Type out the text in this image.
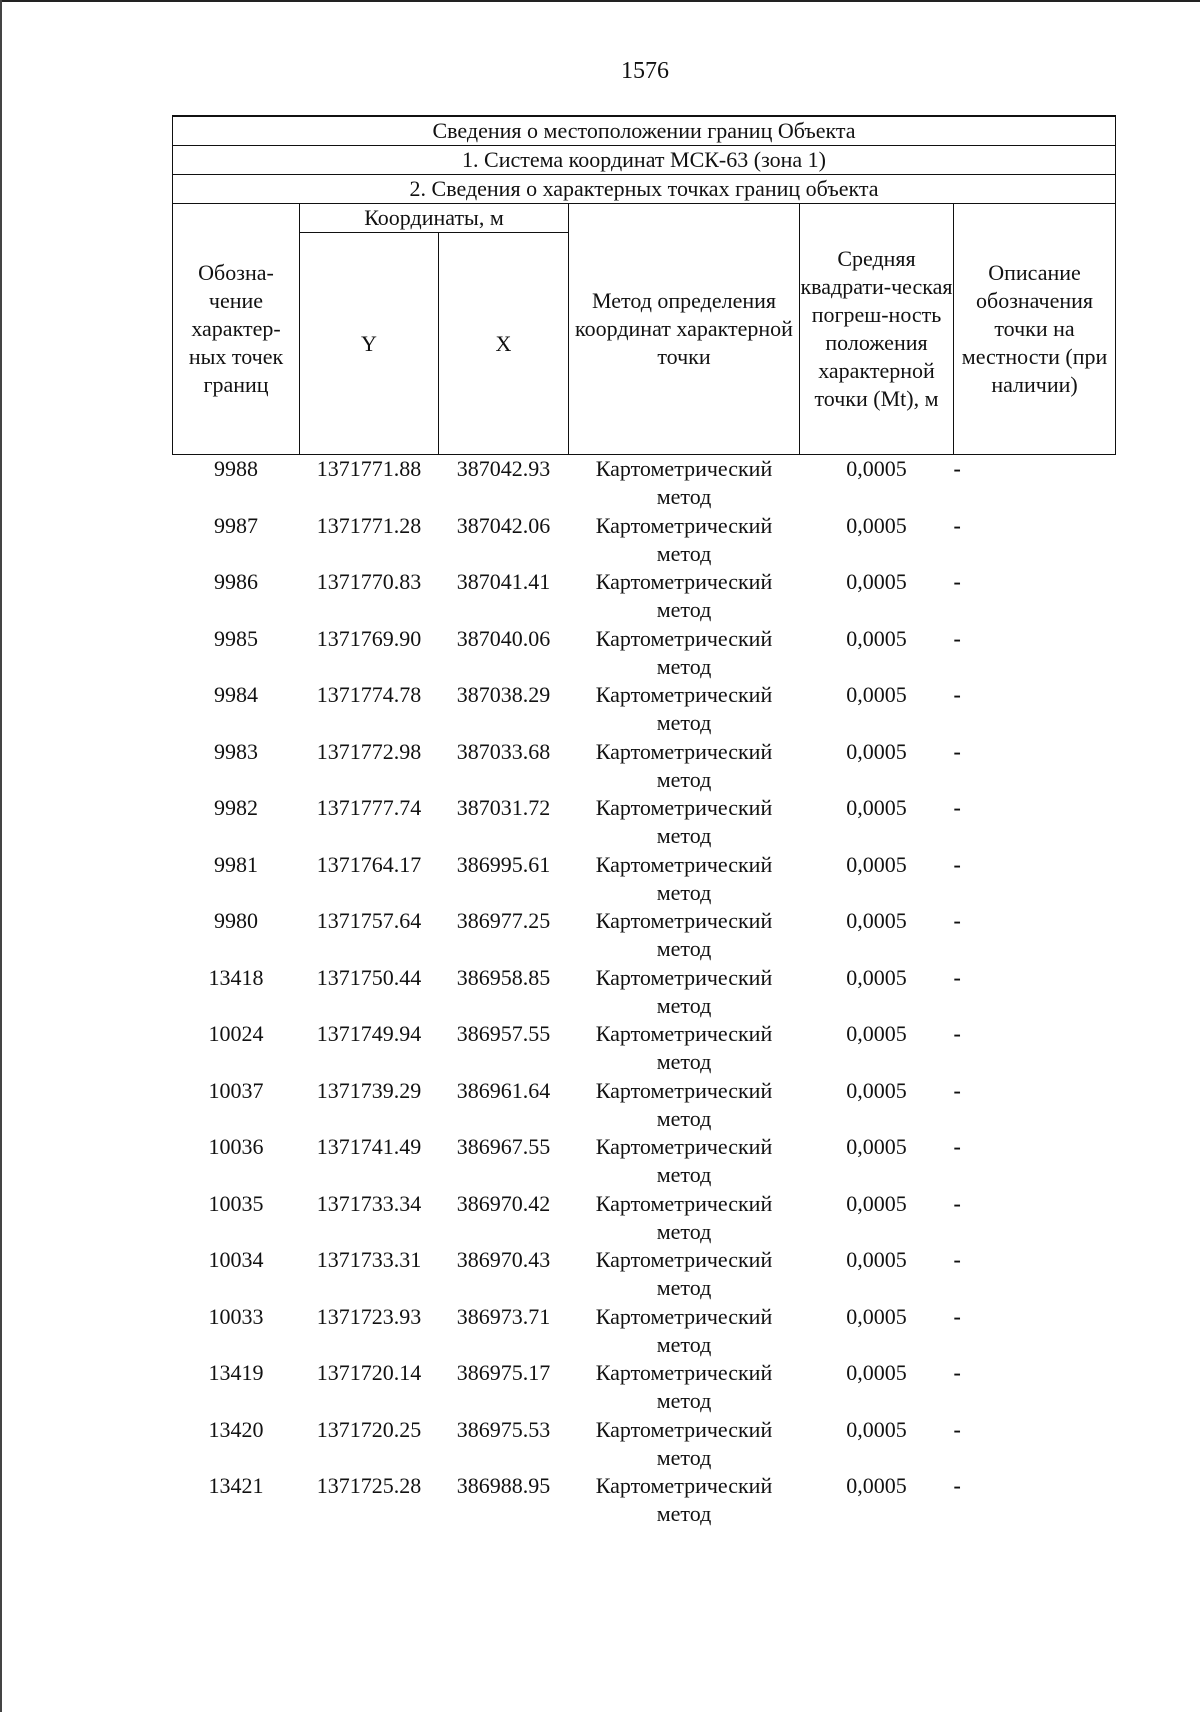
1576
Сведения о местоположении границ Объекта					
1. Система координат МСК-63 (зона 1)					
2. Сведения о характерных точках границ объекта					

Обозна-чение характер-ных точек границ	Координаты, м		Метод определения координат характерной точки	Средняя квадрати-ческая погреш-ность положения характерной точки (Mt), м	Описание обозначения точки на местности (при наличии)

	Y	X			
9988	1371771.88	387042.93	Картометрический метод	0,0005	-
9987	1371771.28	387042.06	Картометрический метод	0,0005	-
9986	1371770.83	387041.41	Картометрический метод	0,0005	-
9985	1371769.90	387040.06	Картометрический метод	0,0005	-
9984	1371774.78	387038.29	Картометрический метод	0,0005	-
9983	1371772.98	387033.68	Картометрический метод	0,0005	-
9982	1371777.74	387031.72	Картометрический метод	0,0005	-
9981	1371764.17	386995.61	Картометрический метод	0,0005	-
9980	1371757.64	386977.25	Картометрический метод	0,0005	-
13418	1371750.44	386958.85	Картометрический метод	0,0005	-
10024	1371749.94	386957.55	Картометрический метод	0,0005	-
10037	1371739.29	386961.64	Картометрический метод	0,0005	-
10036	1371741.49	386967.55	Картометрический метод	0,0005	-
10035	1371733.34	386970.42	Картометрический метод	0,0005	-
10034	1371733.31	386970.43	Картометрический метод	0,0005	-
10033	1371723.93	386973.71	Картометрический метод	0,0005	-
13419	1371720.14	386975.17	Картометрический метод	0,0005	-
13420	1371720.25	386975.53	Картометрический метод	0,0005	-
13421	1371725.28	386988.95	Картометрический метод	0,0005	-
